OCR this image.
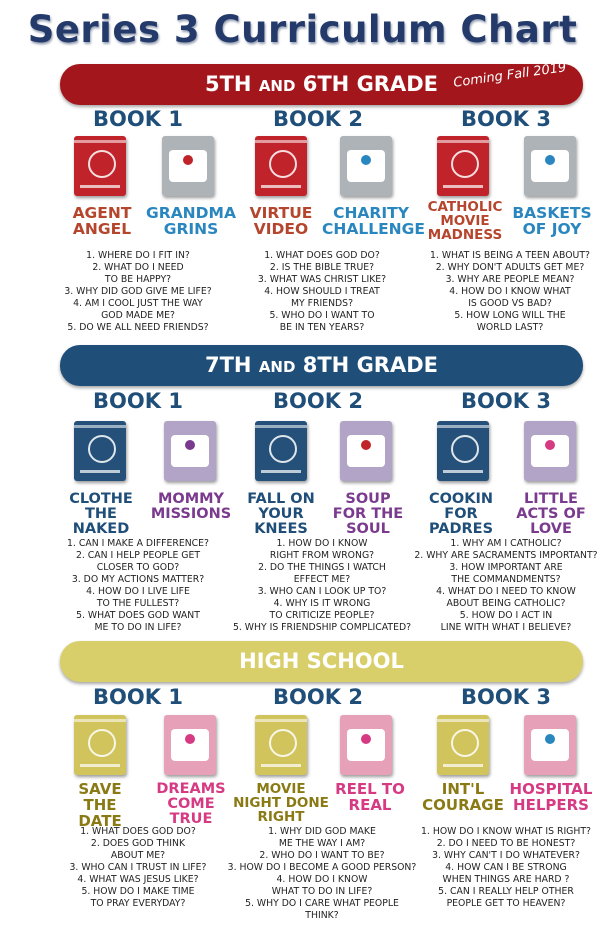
Series 3 Curriculum Chart
5TH AND 6TH GRADE Coming Fall 2019
BOOK 1	BOOK 2	BOOK 3
AGENT ANGEL
GRANDMA GRINS
VIRTUE VIDEO
CHARITY CHALLENGE
CATHOLIC MOVIE MADNESS
BASKETS OF JOY
1. WHERE DO I FIT IN?
2. WHAT DO I NEED
TO BE HAPPY?
3. WHY DID GOD GIVE ME LIFE?
4. AM I COOL JUST THE WAY
GOD MADE ME?
5. DO WE ALL NEED FRIENDS?
1. WHAT DOES GOD DO?
2. IS THE BIBLE TRUE?
3. WHAT WAS CHRIST LIKE?
4. HOW SHOULD I TREAT
MY FRIENDS?
5. WHO DO I WANT TO
BE IN TEN YEARS?
1. WHAT IS BEING A TEEN ABOUT?
2. WHY DON'T ADULTS GET ME?
3. WHY ARE PEOPLE MEAN?
4. HOW DO I KNOW WHAT
IS GOOD VS BAD?
5. HOW LONG WILL THE
WORLD LAST?
7TH AND 8TH GRADE
BOOK 1	BOOK 2	BOOK 3
CLOTHE THE NAKED
MOMMY MISSIONS
FALL ON YOUR KNEES
SOUP FOR THE SOUL
COOKIN FOR PADRES
LITTLE ACTS OF LOVE
1. CAN I MAKE A DIFFERENCE?
2. CAN I HELP PEOPLE GET
CLOSER TO GOD?
3. DO MY ACTIONS MATTER?
4. HOW DO I LIVE LIFE
TO THE FULLEST?
5. WHAT DOES GOD WANT
ME TO DO IN LIFE?
1. HOW DO I KNOW
RIGHT FROM WRONG?
2. DO THE THINGS I WATCH
EFFECT ME?
3. WHO CAN I LOOK UP TO?
4. WHY IS IT WRONG
TO CRITICIZE PEOPLE?
5. WHY IS FRIENDSHIP COMPLICATED?
1. WHY AM I CATHOLIC?
2. WHY ARE SACRAMENTS IMPORTANT?
3. HOW IMPORTANT ARE
THE COMMANDMENTS?
4. WHAT DO I NEED TO KNOW
ABOUT BEING CATHOLIC?
5. HOW DO I ACT IN
LINE WITH WHAT I BELIEVE?
HIGH SCHOOL
BOOK 1	BOOK 2	BOOK 3
SAVE THE DATE
DREAMS COME TRUE
MOVIE NIGHT DONE RIGHT
REEL TO REAL
INT'L COURAGE
HOSPITAL HELPERS
1. WHAT DOES GOD DO?
2. DOES GOD THINK
ABOUT ME?
3. WHO CAN I TRUST IN LIFE?
4. WHAT WAS JESUS LIKE?
5. HOW DO I MAKE TIME
TO PRAY EVERYDAY?
1. WHY DID GOD MAKE
ME THE WAY I AM?
2. WHO DO I WANT TO BE?
3. HOW DO I BECOME A GOOD PERSON?
4. HOW DO I KNOW
WHAT TO DO IN LIFE?
5. WHY DO I CARE WHAT PEOPLE THINK?
1. HOW DO I KNOW WHAT IS RIGHT?
2. DO I NEED TO BE HONEST?
3. WHY CAN'T I DO WHATEVER?
4. HOW CAN I BE STRONG
WHEN THINGS ARE HARD ?
5. CAN I REALLY HELP OTHER
PEOPLE GET TO HEAVEN?
